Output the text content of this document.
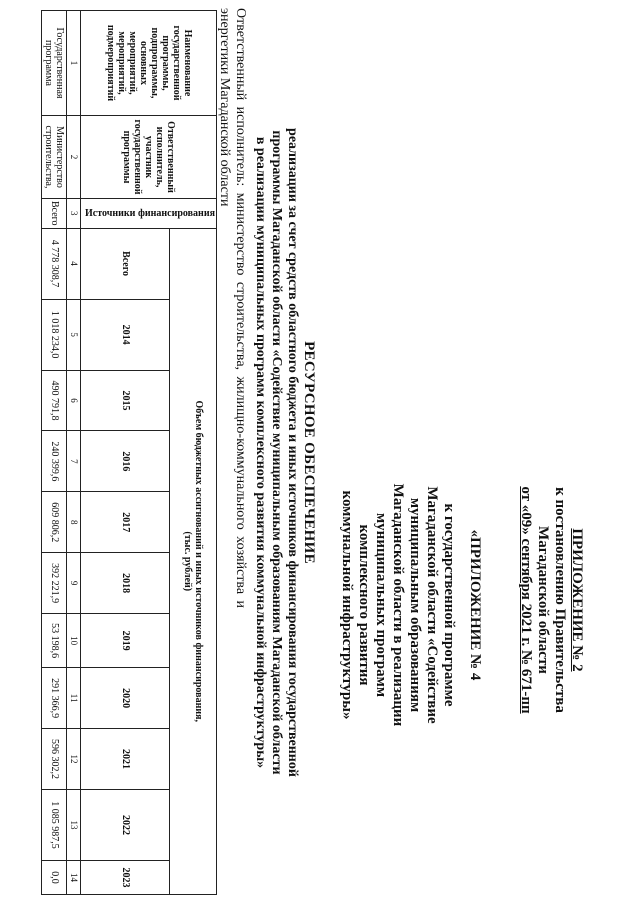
ПРИЛОЖЕНИЕ № 2
к постановлению Правительства
Магаданской области
от «09» сентября 2021 г. № 671-пп
«ПРИЛОЖЕНИЕ № 4
к государственной программе
Магаданской области «Содействие
муниципальным образованиям
Магаданской области в реализации
муниципальных программ
комплексного развития
коммунальной инфраструктуры»
РЕСУРСНОЕ ОБЕСПЕЧЕНИЕ
реализации за счет средств областного бюджета и иных источников финансирования государственной
программы Магаданской области «Содействие муниципальным образованиям Магаданской области
в реализации муниципальных программ комплексного развития коммунальной инфраструктуры»
Ответственный исполнитель: министерство строительства, жилищно-коммунального хозяйства и энергетики Магаданской области
Наименование государственной программы, подпрограммы, основных мероприятий, мероприятий, подмероприятий	Ответственный исполнитель, участник государственной программы	Источники финансирования	Объем бюджетных ассигнований и иных источников финансирования,
(тыс. рублей)										

			Всего	2014	2015	2016	2017	2018	2019	2020	2021	2022	2023
1	2	3	4	5	6	7	8	9	10	11	12	13	14
Государственная программа	Министерство строительства,	Всего	4 778 308,7	1 018 234,0	490 791,8	240 399,6	609 806,2	392 221,9	53 198,6	291 366,9	596 302,2	1 085 987,5	0,0
